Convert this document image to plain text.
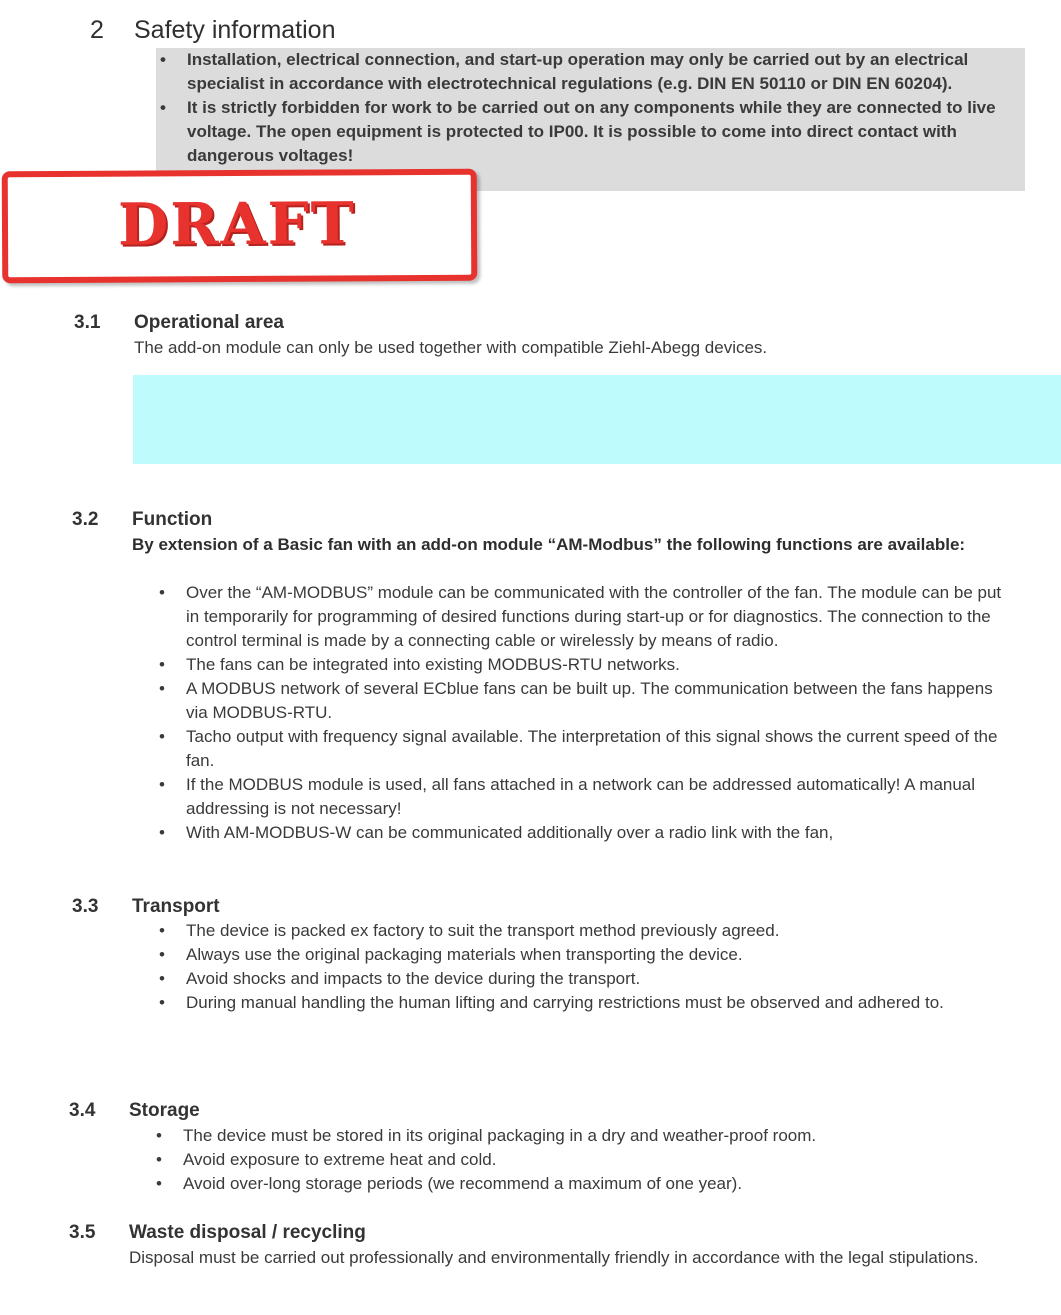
2 Safety information
•	Installation, electrical connection, and start-up operation may only be carried out by an electrical specialist in accordance with electrotechnical regulations (e.g. DIN EN 50110 or DIN EN 60204).
•	It is strictly forbidden for work to be carried out on any components while they are connected to live voltage. The open equipment is protected to IP00. It is possible to come into direct contact with dangerous voltages!
DRAFT
3.1 Operational area
The add-on module can only be used together with compatible Ziehl-Abegg devices.
3.2 Function
By extension of a Basic fan with an add-on module “AM-Modbus” the following functions are available:
•	Over the “AM-MODBUS” module can be communicated with the controller of the fan. The module can be put in temporarily for programming of desired functions during start-up or for diagnostics. The connection to the control terminal is made by a connecting cable or wirelessly by means of radio.
•	The fans can be integrated into existing MODBUS-RTU networks.
•	A MODBUS network of several ECblue fans can be built up. The communication between the fans happens via MODBUS-RTU.
•	Tacho output with frequency signal available. The interpretation of this signal shows the current speed of the fan.
•	If the MODBUS module is used, all fans attached in a network can be addressed automatically! A manual addressing is not necessary!
•	With AM-MODBUS-W can be communicated additionally over a radio link with the fan,
3.3 Transport
•	The device is packed ex factory to suit the transport method previously agreed.
•	Always use the original packaging materials when transporting the device.
•	Avoid shocks and impacts to the device during the transport.
•	During manual handling the human lifting and carrying restrictions must be observed and adhered to.
3.4 Storage
•	The device must be stored in its original packaging in a dry and weather-proof room.
•	Avoid exposure to extreme heat and cold.
•	Avoid over-long storage periods (we recommend a maximum of one year).
3.5 Waste disposal / recycling
Disposal must be carried out professionally and environmentally friendly in accordance with the legal stipulations.
